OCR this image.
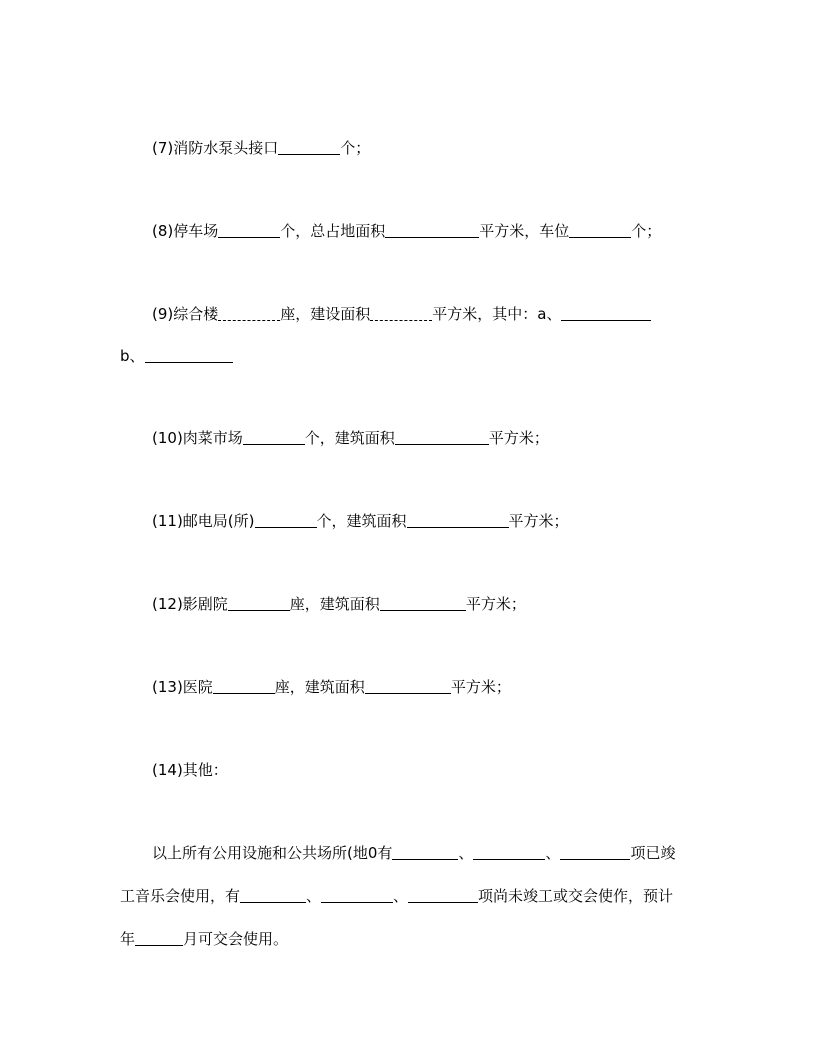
(7)消防水泵头接口	个；
(8)停车场	个，总占地面积	平方米，车位	个；
(9)综合楼	座，建设面积	平方米，其中：a、
b、
(10)肉菜市场	个，建筑面积	平方米；
(11)邮电局(所)	个，建筑面积	平方米；
(12)影剧院	座，建筑面积	平方米；
(13)医院	座，建筑面积	平方米；
(14)其他：
以上所有公用设施和公共场所(地0有	、	、	项已竣
工音乐会使用，有	、	、	项尚未竣工或交会使作，预计
年	月可交会使用。
